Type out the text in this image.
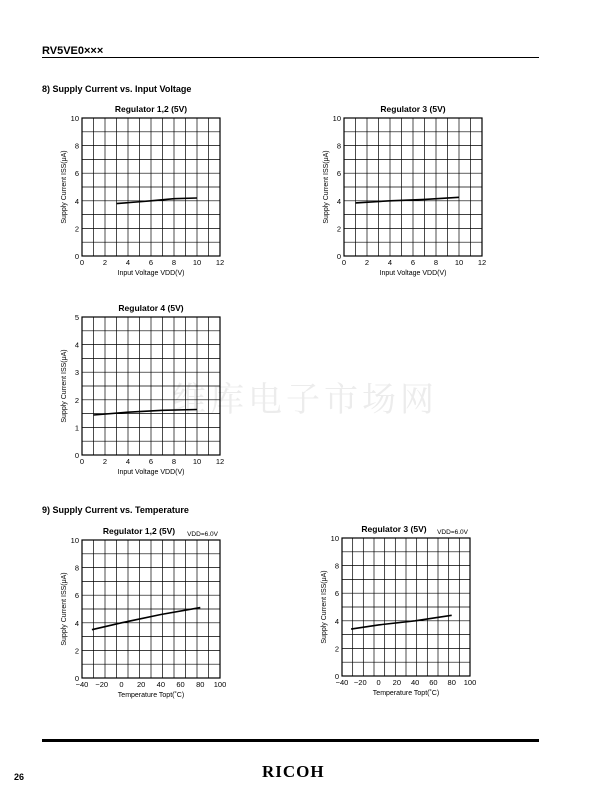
RV5VE0×××
8) Supply Current vs. Input Voltage
9) Supply Current vs. Temperature
维库电子市场网
0	2	4	6	8 10 12
0
2
4
6
8
10
Regulator 1,2 (5V)
Input Voltage VDD(V)
Supply Current ISS(μA)
0	2	4	6	8 10 12
0
2
4
6
8
10
Regulator 3 (5V)
Input Voltage VDD(V)
Supply Current ISS(μA)
0	2	4	6	8 10 12
0
1
2
3
4
5
Regulator 4 (5V)
Input Voltage VDD(V)
Supply Current ISS(μA)
−40 −20 0 20 40 60 80 100
0
2
4
6
8
10
Regulator 1,2 (5V) VDD=6.0V
Temperature Topt(˚C)
Supply Current ISS(μA)
−40 −20 0 20 40 60 80 100
0
2
4
6
8
10
Regulator 3 (5V) VDD=6.0V
Temperature Topt(˚C)
Supply Current ISS(μA)
26	RICOH
